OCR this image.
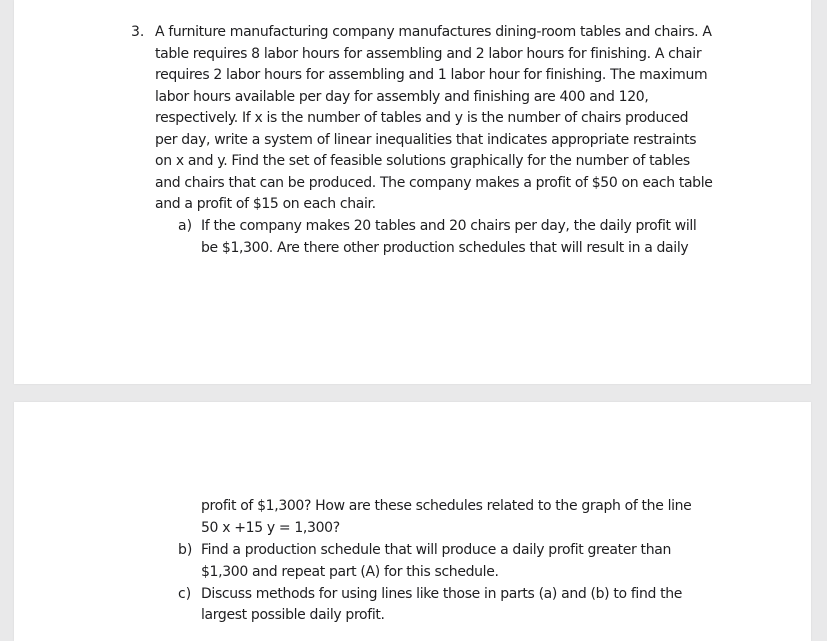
3. A furniture manufacturing company manufactures dining-room tables and chairs. A
table requires 8 labor hours for assembling and 2 labor hours for finishing. A chair
requires 2 labor hours for assembling and 1 labor hour for finishing. The maximum
labor hours available per day for assembly and finishing are 400 and 120,
respectively. If x is the number of tables and y is the number of chairs produced
per day, write a system of linear inequalities that indicates appropriate restraints
on x and y. Find the set of feasible solutions graphically for the number of tables
and chairs that can be produced. The company makes a profit of $50 on each table
and a profit of $15 on each chair.
a) If the company makes 20 tables and 20 chairs per day, the daily profit will
be $1,300. Are there other production schedules that will result in a daily
profit of $1,300? How are these schedules related to the graph of the line
50 x +15 y = 1,300?
b) Find a production schedule that will produce a daily profit greater than
$1,300 and repeat part (A) for this schedule.
c) Discuss methods for using lines like those in parts (a) and (b) to find the
largest possible daily profit.
